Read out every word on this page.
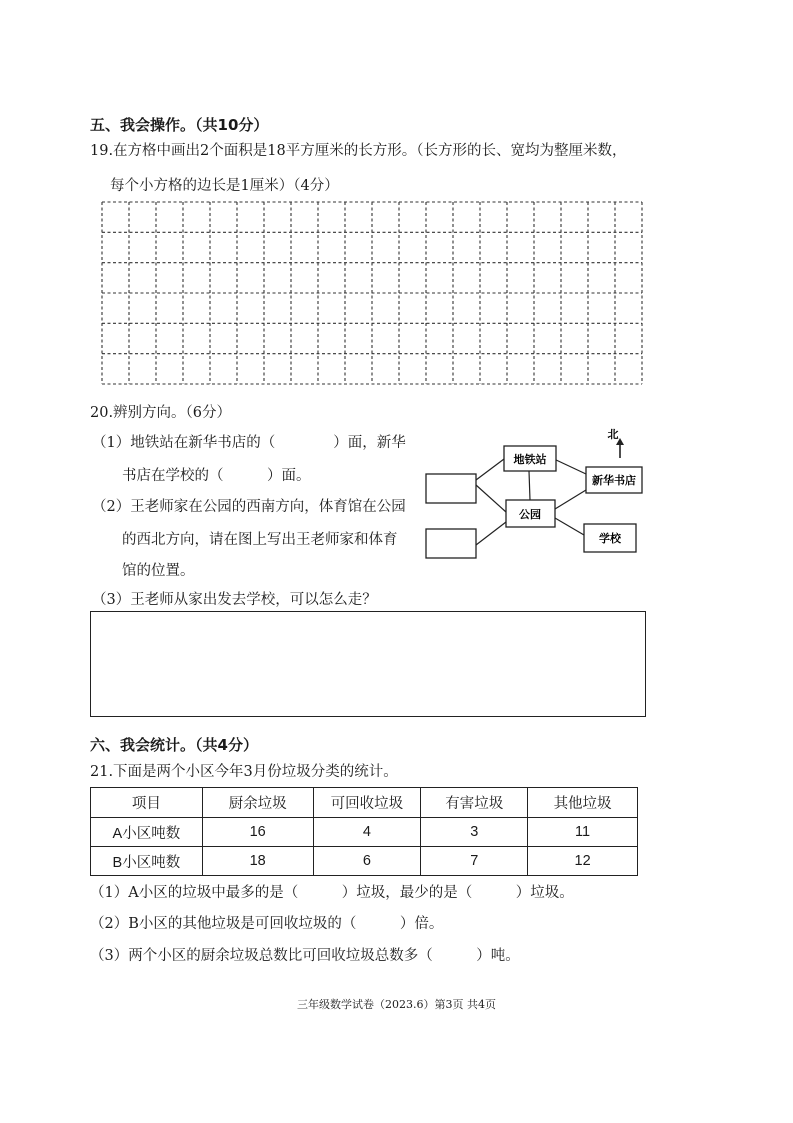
五、我会操作。（共10分）
19.在方格中画出2个面积是18平方厘米的长方形。（长方形的长、宽均为整厘米数，
每个小方格的边长是1厘米）（4分）
20.辨别方向。（6分）
（1）地铁站在新华书店的（　　　　）面，新华
书店在学校的（　　　）面。
（2）王老师家在公园的西南方向，体育馆在公园
的西北方向，请在图上写出王老师家和体育
馆的位置。
（3）王老师从家出发去学校，可以怎么走？
北
地铁站
新华书店
公园
学校
六、我会统计。（共4分）
21.下面是两个小区今年3月份垃圾分类的统计。
项目	厨余垃圾	可回收垃圾	有害垃圾	其他垃圾
A小区吨数	16	4	3	11
B小区吨数	18	6	7	12
（1）A小区的垃圾中最多的是（　　　）垃圾，最少的是（　　　）垃圾。
（2）B小区的其他垃圾是可回收垃圾的（　　　）倍。
（3）两个小区的厨余垃圾总数比可回收垃圾总数多（　　　）吨。
三年级数学试卷（2023.6）第3页 共4页
